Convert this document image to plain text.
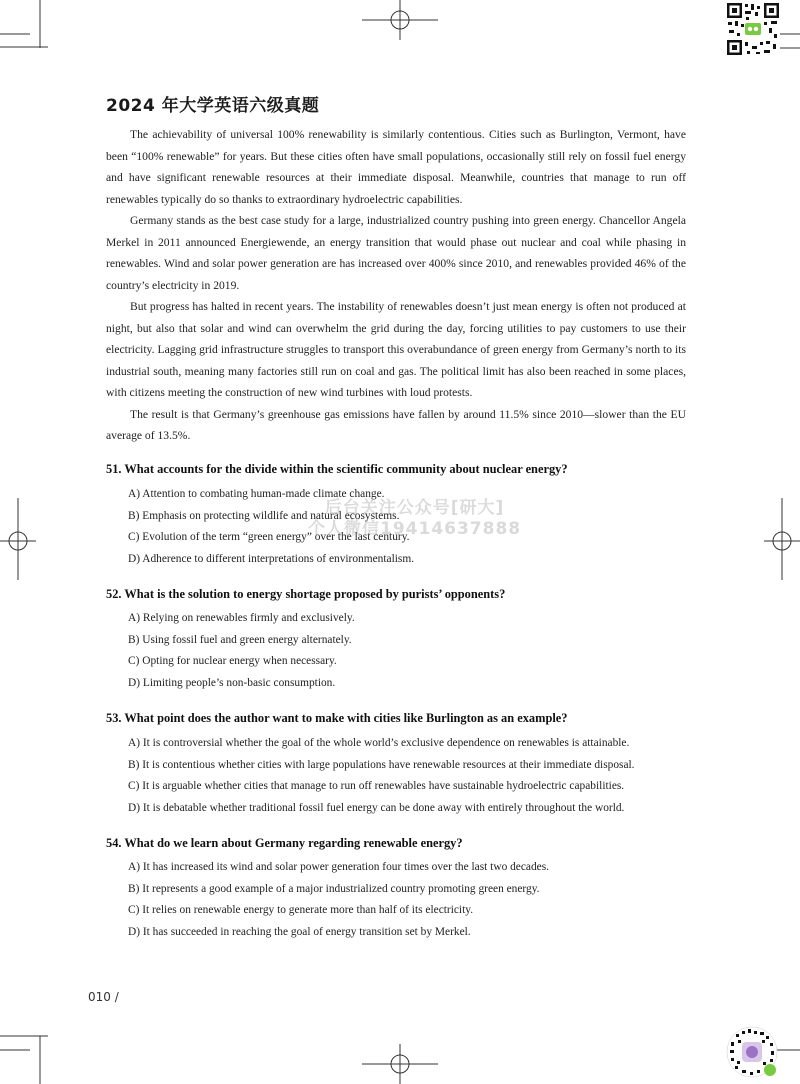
2024 年大学英语六级真题

The achievability of universal 100% renewability is similarly contentious. Cities such as Burlington, Vermont, have been “100% renewable” for years. But these cities often have small populations, occasionally still rely on fossil fuel energy and have significant renewable resources at their immediate disposal. Meanwhile, countries that manage to run off renewables typically do so thanks to extraordinary hydroelectric capabilities.

Germany stands as the best case study for a large, industrialized country pushing into green energy. Chancellor Angela Merkel in 2011 announced Energiewende, an energy transition that would phase out nuclear and coal while phasing in renewables. Wind and solar power generation are has increased over 400% since 2010, and renewables provided 46% of the country’s electricity in 2019.

But progress has halted in recent years. The instability of renewables doesn’t just mean energy is often not produced at night, but also that solar and wind can overwhelm the grid during the day, forcing utilities to pay customers to use their electricity. Lagging grid infrastructure struggles to transport this overabundance of green energy from Germany’s north to its industrial south, meaning many factories still run on coal and gas. The political limit has also been reached in some places, with citizens meeting the construction of new wind turbines with loud protests.

The result is that Germany’s greenhouse gas emissions have fallen by around 11.5% since 2010—slower than the EU average of 13.5%.

51. What accounts for the divide within the scientific community about nuclear energy?
A) Attention to combating human-made climate change.
B) Emphasis on protecting wildlife and natural ecosystems.
C) Evolution of the term “green energy” over the last century.
D) Adherence to different interpretations of environmentalism.
52. What is the solution to energy shortage proposed by purists’ opponents?
A) Relying on renewables firmly and exclusively.
B) Using fossil fuel and green energy alternately.
C) Opting for nuclear energy when necessary.
D) Limiting people’s non-basic consumption.
53. What point does the author want to make with cities like Burlington as an example?
A) It is controversial whether the goal of the whole world’s exclusive dependence on renewables is attainable.
B) It is contentious whether cities with large populations have renewable resources at their immediate disposal.
C) It is arguable whether cities that manage to run off renewables have sustainable hydroelectric capabilities.
D) It is debatable whether traditional fossil fuel energy can be done away with entirely throughout the world.
54. What do we learn about Germany regarding renewable energy?
A) It has increased its wind and solar power generation four times over the last two decades.
B) It represents a good example of a major industrialized country promoting green energy.
C) It relies on renewable energy to generate more than half of its electricity.
D) It has succeeded in reaching the goal of energy transition set by Merkel.
后台关注公众号[研大]
个人微信19414637888
010 /
